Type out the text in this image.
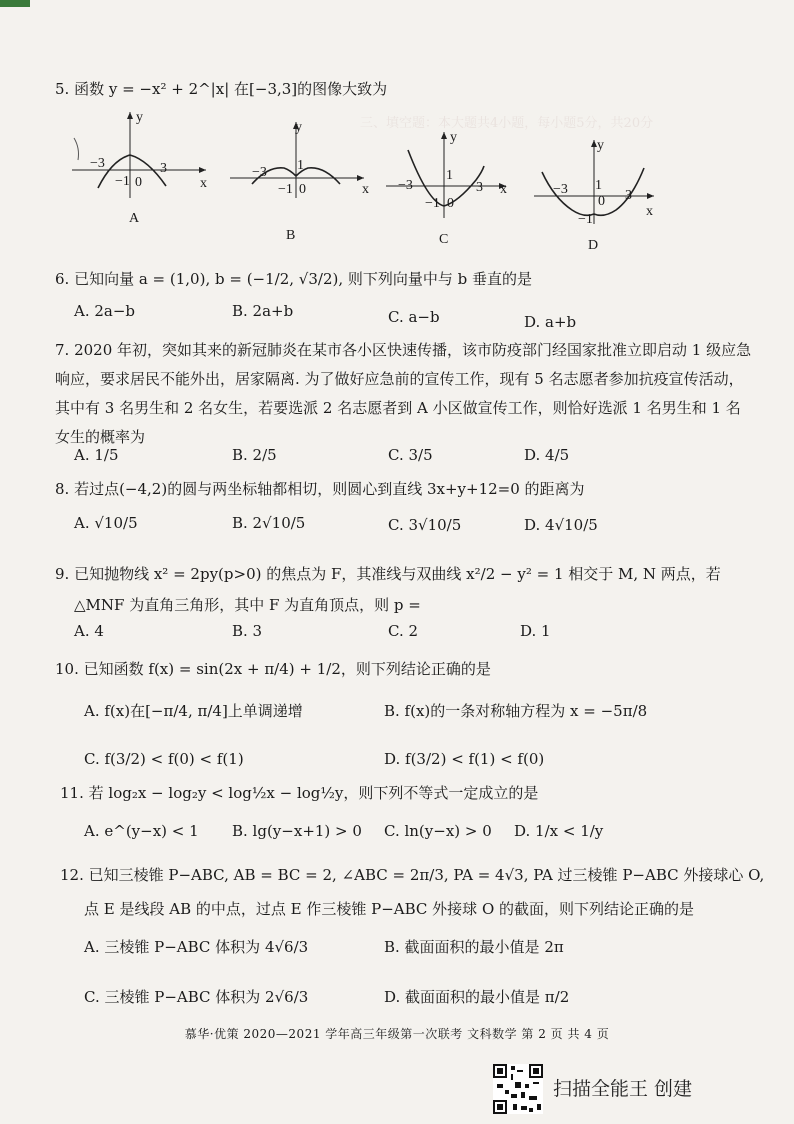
三、填空题：本大题共4小题，每小题5分，共20分
5. 函数 y = −x² + 2^|x| 在[−3,3]的图像大致为
y
−3	3
−1 0	x
A
y
−3 1
−1 0	x
B
y
−3
1
3
−1 0
x
C
y
−3 1
3
−1
0
x
D
6. 已知向量 a = (1,0), b = (−1/2, √3/2), 则下列向量中与 b 垂直的是
A. 2a−b	B. 2a+b	C. a−b	D. a+b
7. 2020 年初，突如其来的新冠肺炎在某市各小区快速传播，该市防疫部门经国家批准立即启动 1 级应急响应，要求居民不能外出，居家隔离. 为了做好应急前的宣传工作，现有 5 名志愿者参加抗疫宣传活动，其中有 3 名男生和 2 名女生，若要选派 2 名志愿者到 A 小区做宣传工作，则恰好选派 1 名男生和 1 名女生的概率为
A. 1/5	B. 2/5	C. 3/5	D. 4/5
8. 若过点(−4,2)的圆与两坐标轴都相切，则圆心到直线 3x+y+12=0 的距离为
A. √10/5	B. 2√10/5	C. 3√10/5	D. 4√10/5
9. 已知抛物线 x² = 2py(p>0) 的焦点为 F，其准线与双曲线 x²/2 − y² = 1 相交于 M, N 两点，若
△MNF 为直角三角形，其中 F 为直角顶点，则 p =
A. 4	B. 3	C. 2	D. 1
10. 已知函数 f(x) = sin(2x + π/4) + 1/2，则下列结论正确的是
A. f(x)在[−π/4, π/4]上单调递增	B. f(x)的一条对称轴方程为 x = −5π/8
C. f(3/2) < f(0) < f(1)	D. f(3/2) < f(1) < f(0)
11. 若 log₂x − log₂y < log½x − log½y，则下列不等式一定成立的是
A. e^(y−x) < 1 B. lg(y−x+1) > 0 C. ln(y−x) > 0 D. 1/x < 1/y
12. 已知三棱锥 P−ABC, AB = BC = 2, ∠ABC = 2π/3, PA = 4√3, PA 过三棱锥 P−ABC 外接球心 O,
点 E 是线段 AB 的中点，过点 E 作三棱锥 P−ABC 外接球 O 的截面，则下列结论正确的是
A. 三棱锥 P−ABC 体积为 4√6/3	B. 截面面积的最小值是 2π
C. 三棱锥 P−ABC 体积为 2√6/3	D. 截面面积的最小值是 π/2
慕华·优策 2020—2021 学年高三年级第一次联考 文科数学 第 2 页 共 4 页
扫描全能王 创建
